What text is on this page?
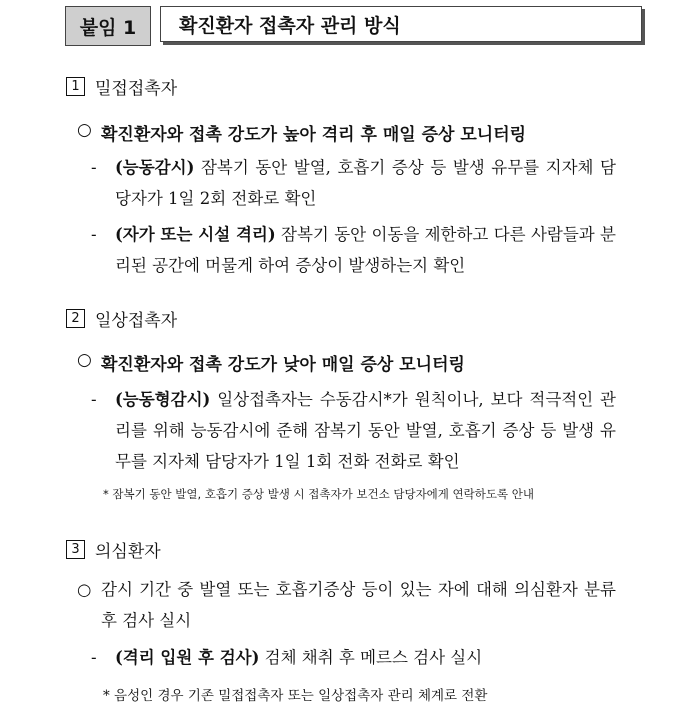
붙임 1	확진환자 접촉자 관리 방식
1 밀접접촉자
○ 확진환자와 접촉 강도가 높아 격리 후 매일 증상 모니터링
-	(능동감시) 잠복기 동안 발열, 호흡기 증상 등 발생 유무를 지자체 담당자가 1일 2회 전화로 확인
-	(자가 또는 시설 격리) 잠복기 동안 이동을 제한하고 다른 사람들과 분리된 공간에 머물게 하여 증상이 발생하는지 확인
2 일상접촉자
○ 확진환자와 접촉 강도가 낮아 매일 증상 모니터링
-	(능동형감시) 일상접촉자는 수동감시*가 원칙이나, 보다 적극적인 관리를 위해 능동감시에 준해 잠복기 동안 발열, 호흡기 증상 등 발생 유무를 지자체 담당자가 1일 1회 전화 전화로 확인
* 잠복기 동안 발열, 호흡기 증상 발생 시 접촉자가 보건소 담당자에게 연락하도록 안내
3 의심환자
○ 감시 기간 중 발열 또는 호흡기증상 등이 있는 자에 대해 의심환자 분류 후 검사 실시
-	(격리 입원 후 검사) 검체 채취 후 메르스 검사 실시
* 음성인 경우 기존 밀접접촉자 또는 일상접촉자 관리 체계로 전환
